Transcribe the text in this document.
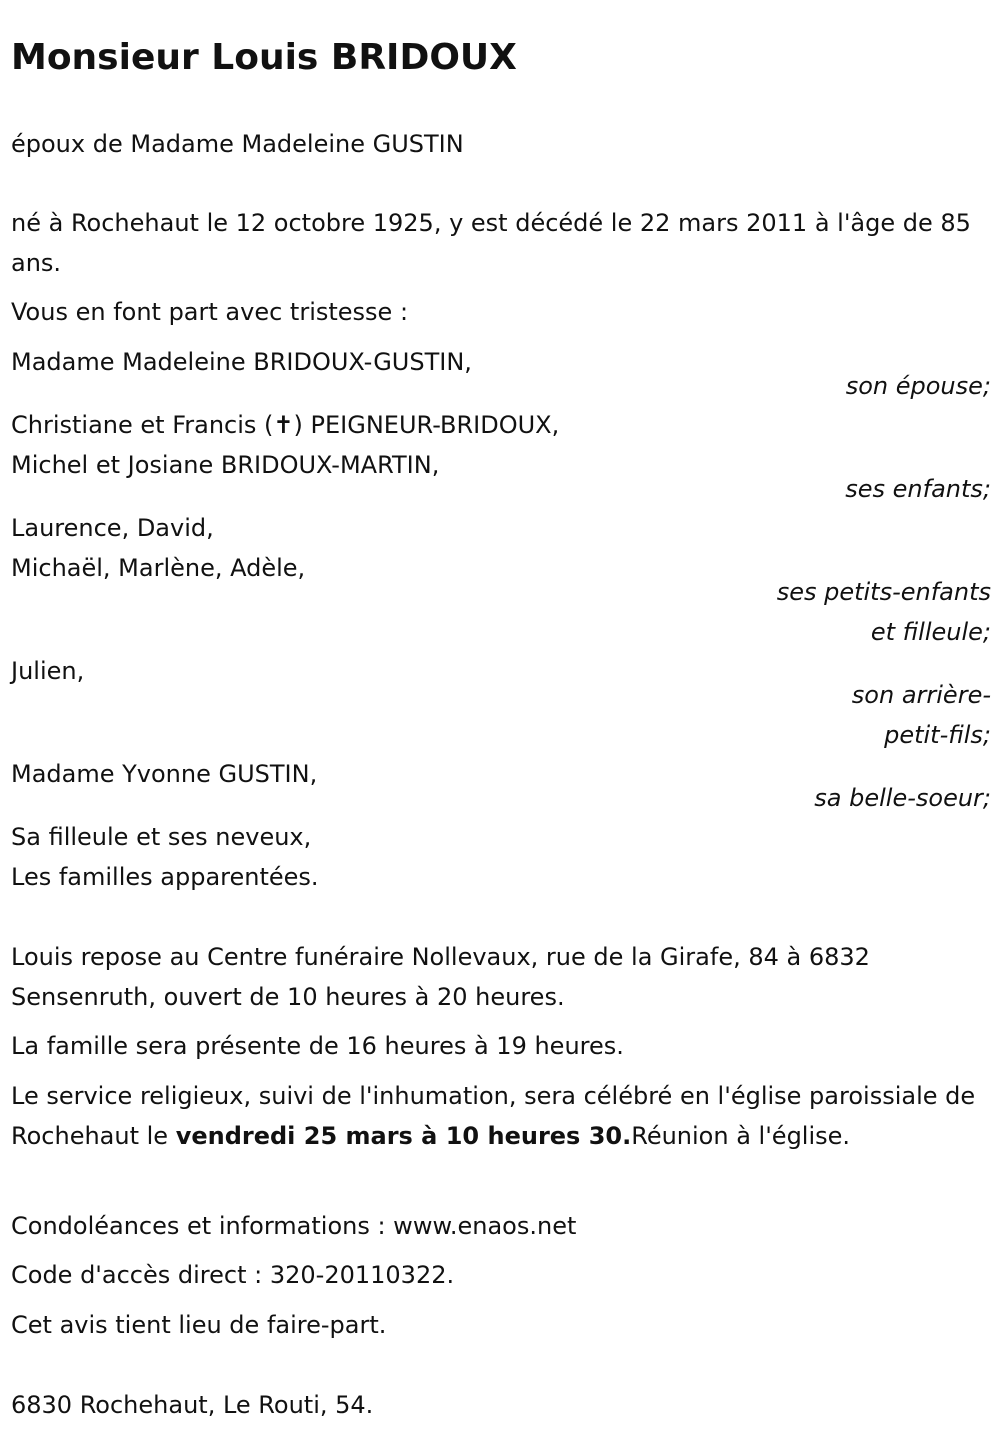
Monsieur Louis BRIDOUX
époux de Madame Madeleine GUSTIN
né à Rochehaut le 12 octobre 1925, y est décédé le 22 mars 2011 à l'âge de 85 ans.
Vous en font part avec tristesse :
Madame Madeleine BRIDOUX-GUSTIN,
son épouse;
Christiane et Francis (✝) PEIGNEUR-BRIDOUX,
Michel et Josiane BRIDOUX-MARTIN,
ses enfants;
Laurence, David,
Michaël, Marlène, Adèle,
ses petits-enfants
et filleule;
Julien,
son arrière-
petit-fils;
Madame Yvonne GUSTIN,
sa belle-soeur;
Sa filleule et ses neveux,
Les familles apparentées.
Louis repose au Centre funéraire Nollevaux, rue de la Girafe, 84 à 6832 Sensenruth, ouvert de 10 heures à 20 heures.
La famille sera présente de 16 heures à 19 heures.
Le service religieux, suivi de l'inhumation, sera célébré en l'église paroissiale de Rochehaut le vendredi 25 mars à 10 heures 30.Réunion à l'église.
Condoléances et informations : www.enaos.net
Code d'accès direct : 320-20110322.
Cet avis tient lieu de faire-part.
6830 Rochehaut, Le Routi, 54.
